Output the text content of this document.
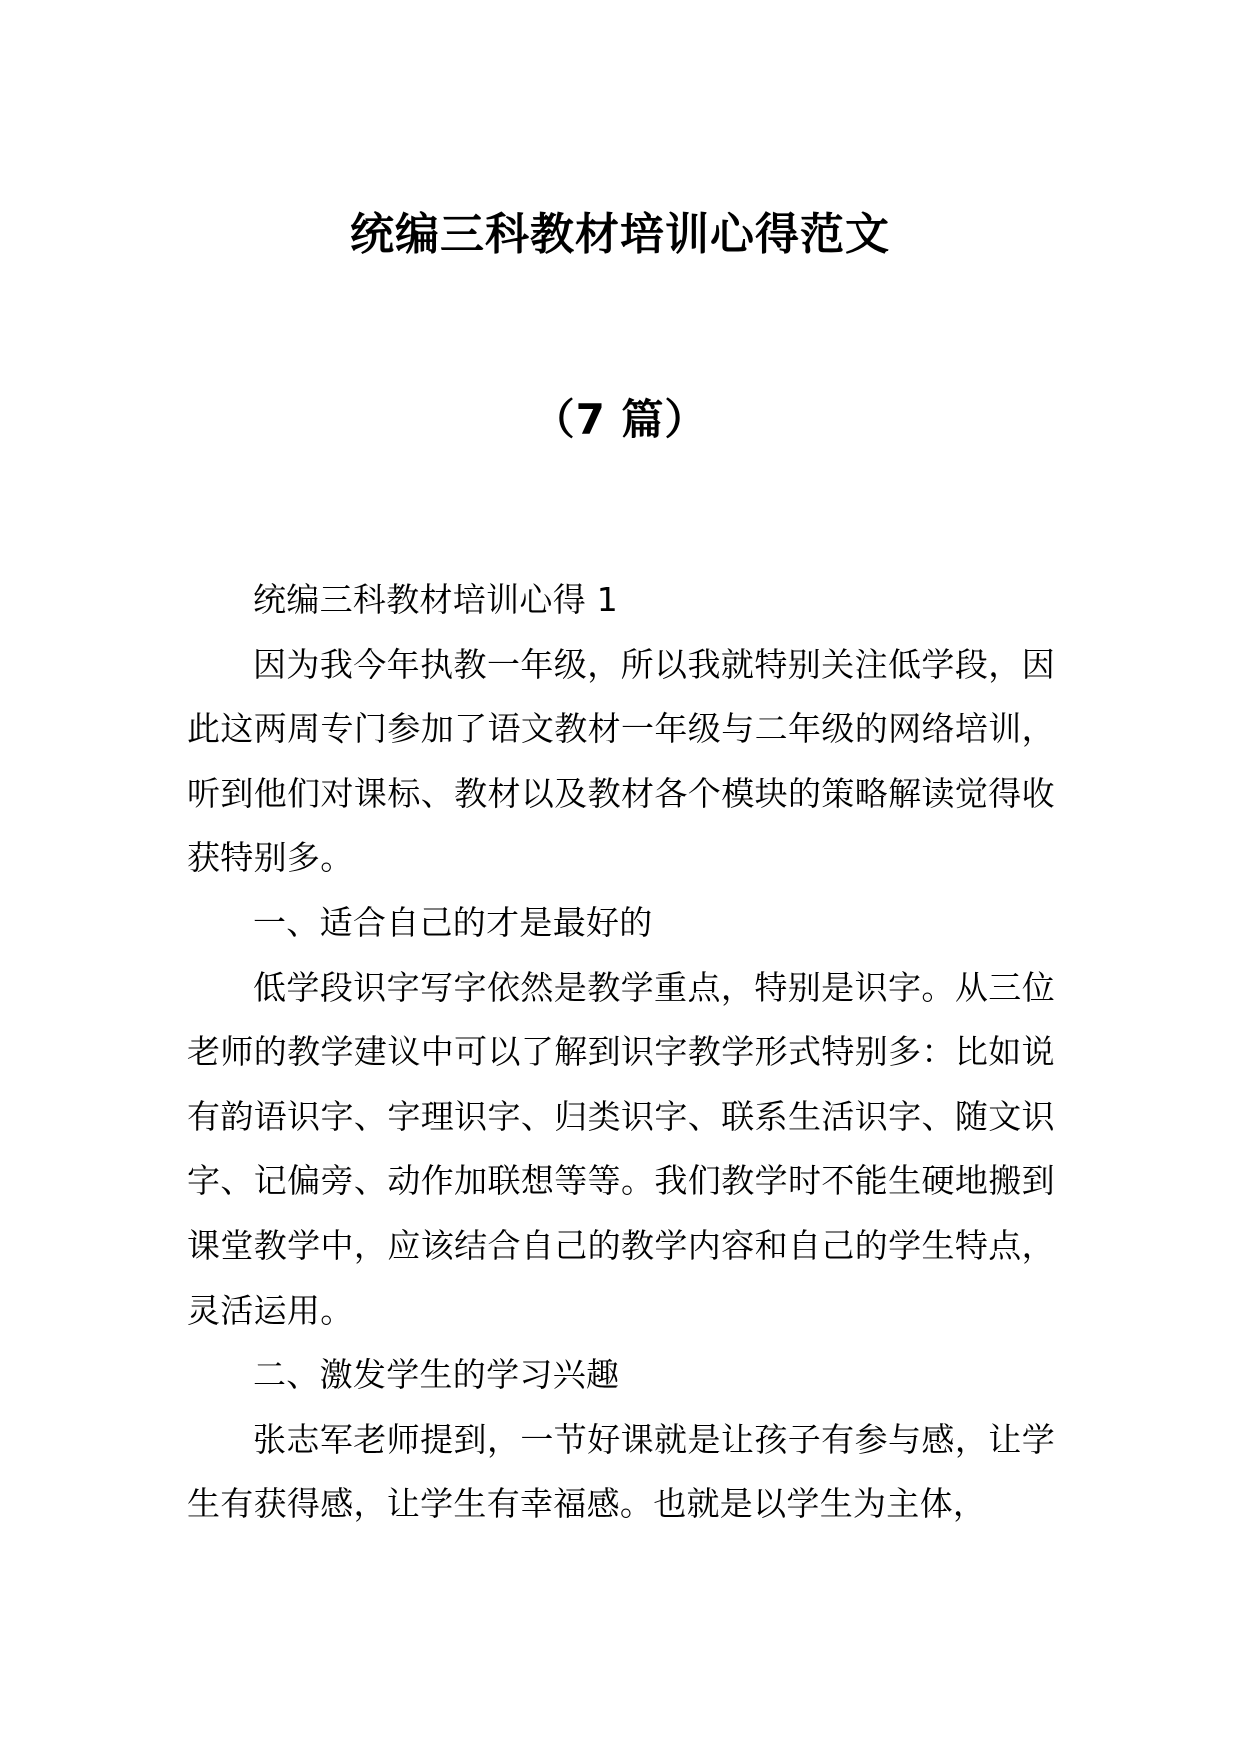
统编三科教材培训心得范文
（7 篇）

统编三科教材培训心得 1

因为我今年执教一年级，所以我就特别关注低学段，因此这两周专门参加了语文教材一年级与二年级的网络培训，听到他们对课标、教材以及教材各个模块的策略解读觉得收获特别多。

一、适合自己的才是最好的

低学段识字写字依然是教学重点，特别是识字。从三位老师的教学建议中可以了解到识字教学形式特别多：比如说有韵语识字、字理识字、归类识字、联系生活识字、随文识字、记偏旁、动作加联想等等。我们教学时不能生硬地搬到课堂教学中，应该结合自己的教学内容和自己的学生特点，灵活运用。

二、激发学生的学习兴趣

张志军老师提到，一节好课就是让孩子有参与感，让学生有获得感，让学生有幸福感。也就是以学生为主体，
